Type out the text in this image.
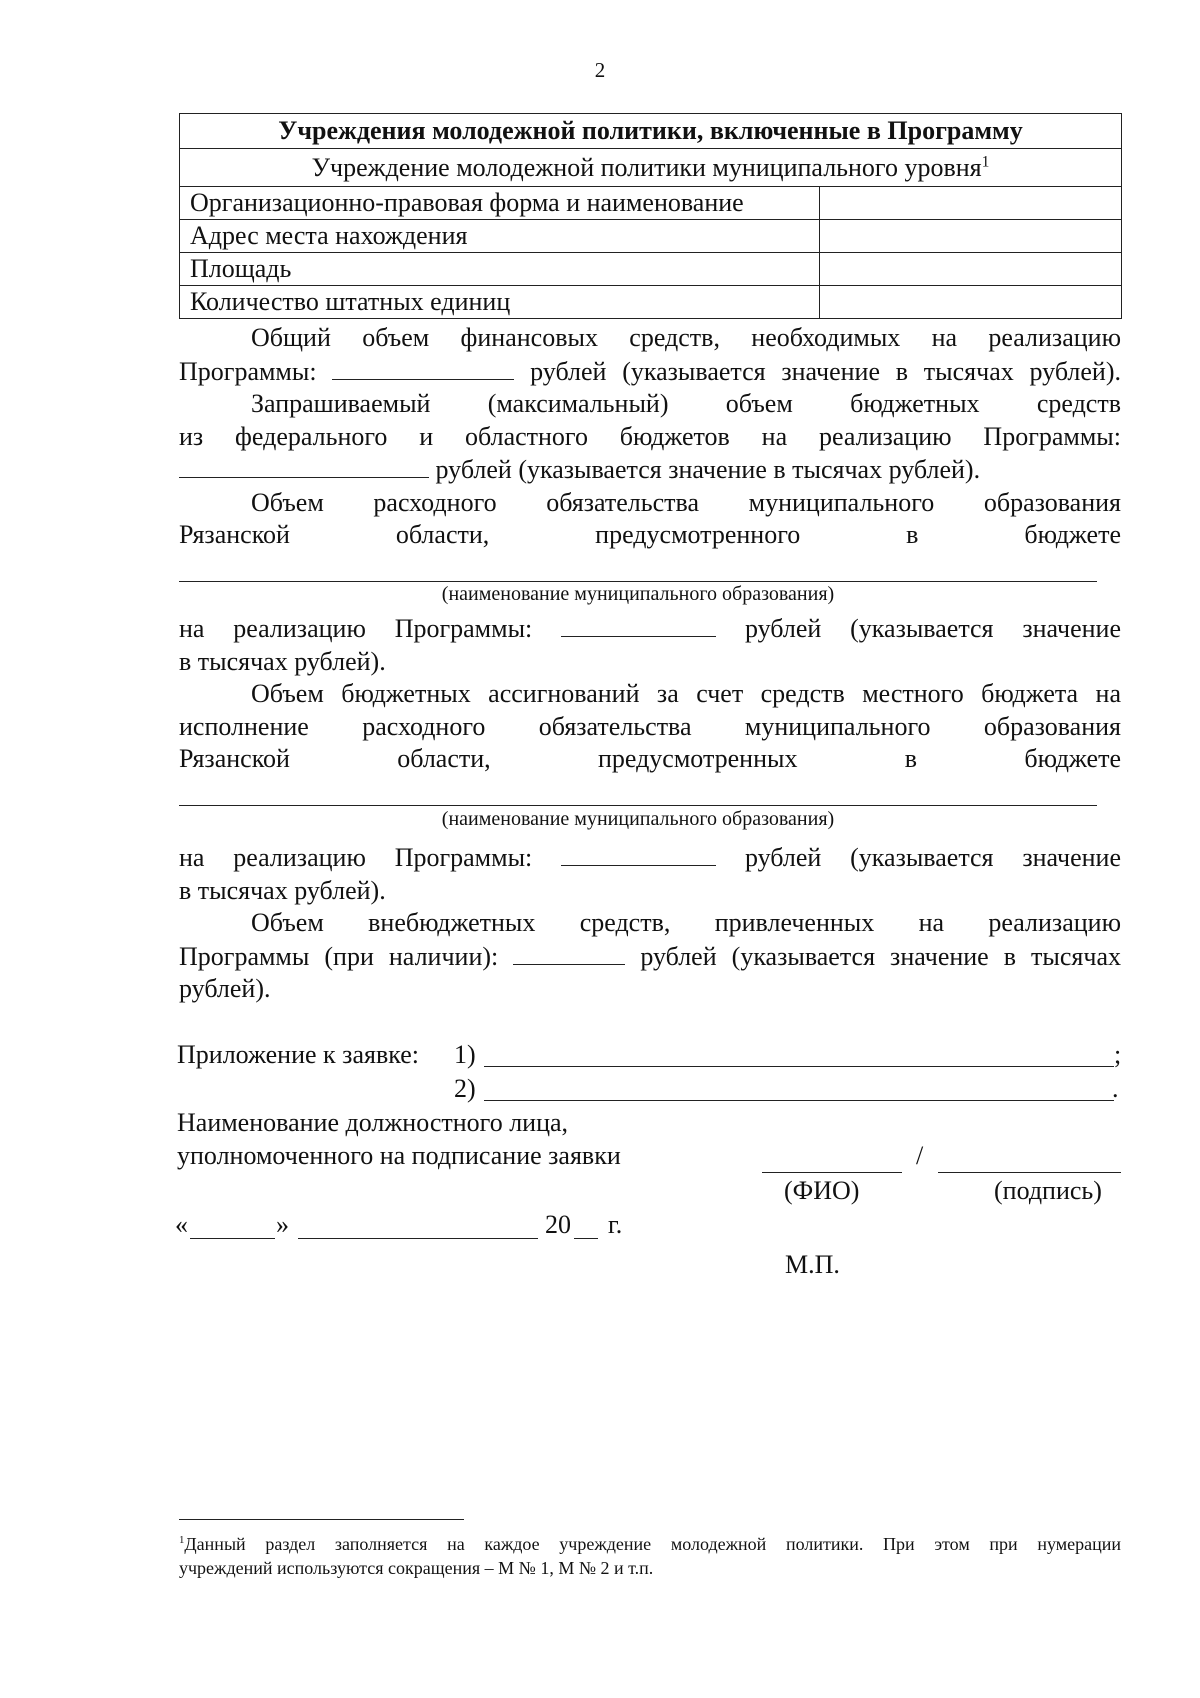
2
Учреждения молодежной политики, включенные в Программу	
Учреждение молодежной политики муниципального уровня$^1$
Организационно-правовая форма и наименование	
Адрес места нахождения	
Площадь	
Количество штатных единиц	

Общий объем финансовых средств, необходимых на реализацию

Программы:	рублей (указывается значение в тысячах рублей).

Запрашиваемый (максимальный) объем бюджетных средств

из федерального и областного бюджетов на реализацию Программы:

рублей (указывается значение в тысячах рублей).

Объем расходного обязательства муниципального образования

Рязанской области, предусмотренного в бюджете

(наименование муниципального образования)

на реализацию Программы:	рублей (указывается значение

в тысячах рублей).

Объем бюджетных ассигнований за счет средств местного бюджета на

исполнение расходного обязательства муниципального образования

Рязанской области, предусмотренных в бюджете

(наименование муниципального образования)

на реализацию Программы:	рублей (указывается значение

в тысячах рублей).

Объем внебюджетных средств, привлеченных на реализацию

Программы (при наличии):	рублей (указывается значение в тысячах

рублей).

Приложение к заявке: 1)	;
2)	.
Наименование должностного лица,
уполномоченного на подписание заявки	/
(ФИО)	(подпись)
«	»	20 г.
М.П.

$^1$Данный раздел заполняется на каждое учреждение молодежной политики. При этом при нумерации

учреждений используются сокращения – М № 1, М № 2 и т.п.
